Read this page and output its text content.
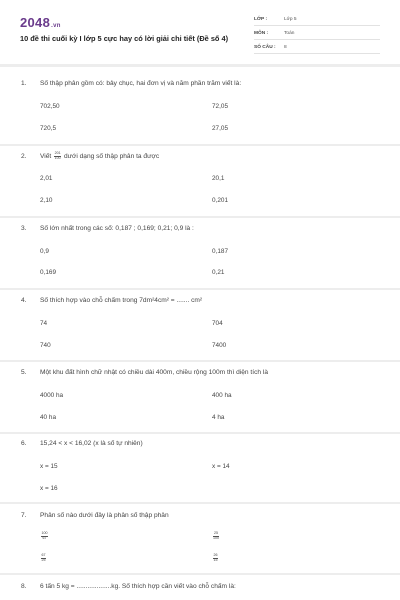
2048.vn
10 đề thi cuối kỳ I lớp 5 cực hay có lời giải chi tiết (Đề số 4)
LỚP :	Lớp 5
MÔN :	Toán
SỐ CÂU : 8
1. Số thập phân gồm có: bảy chục, hai đơn vị và năm phần trăm viết là:
702,50	72,05
720,5	27,05
2. Viết $\frac{201}{100}$ dưới dạng số thập phân ta được
2,01	20,1
2,10	0,201
3. Số lớn nhất trong các số: 0,187 ; 0,169; 0,21; 0,9 là :
0,9	0,187
0,169	0,21
4. Số thích hợp vào chỗ chấm trong 7dm²4cm² = ....... cm²
74	704
740	7400
5. Một khu đất hình chữ nhật có chiều dài 400m, chiều rộng 100m thì diện tích là
4000 ha	400 ha
40 ha	4 ha
6. 15,24 < x < 16,02 (x là số tự nhiên)
x = 15	x = 14
x = 16
7. Phân số nào dưới đây là phân số thập phân
$\frac{100}{67}$	$\frac{25}{100}$
$\frac{67}{25}$	$\frac{26}{15}$
8. 6 tấn 5 kg = ...................kg. Số thích hợp cần viết vào chỗ chấm là:
